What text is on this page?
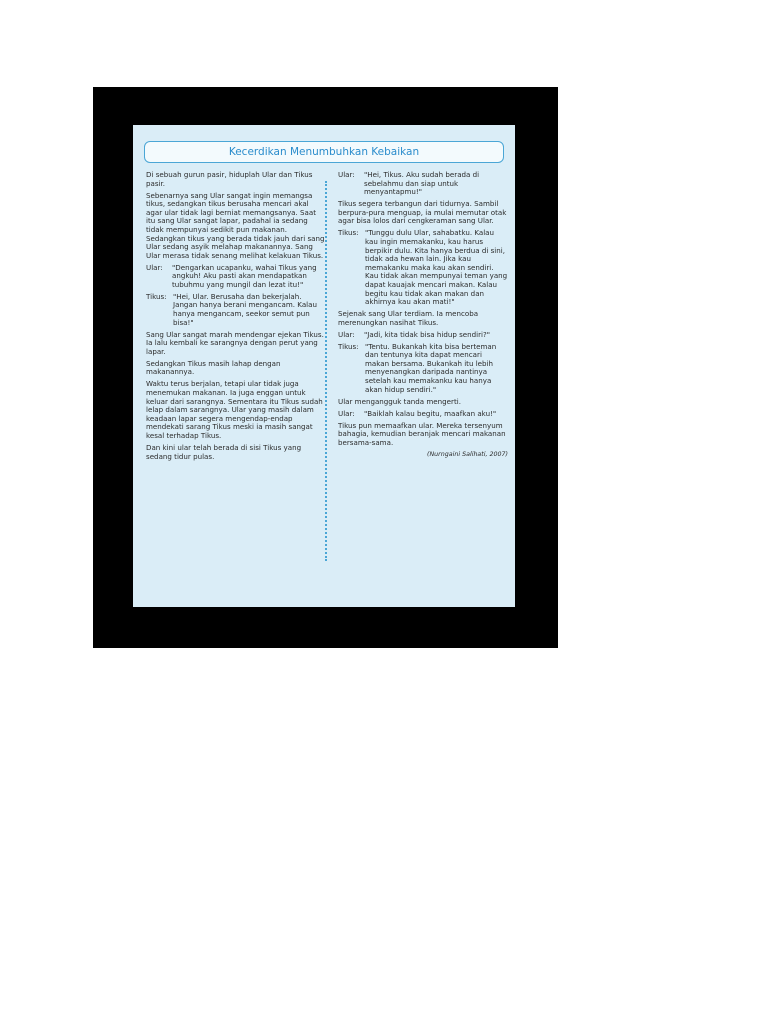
Kecerdikan Menumbuhkan Kebaikan

Di sebuah gurun pasir, hiduplah Ular dan Tikus pasir.

Sebenarnya sang Ular sangat ingin memangsa tikus, sedangkan tikus berusaha mencari akal agar ular tidak lagi berniat memangsanya. Saat itu sang Ular sangat lapar, padahal ia sedang tidak mempunyai sedikit pun makanan. Sedangkan tikus yang berada tidak jauh dari sang Ular sedang asyik melahap makanannya. Sang Ular merasa tidak senang melihat kelakuan Tikus.

Ular:	"Dengarkan ucapanku, wahai Tikus yang angkuh! Aku pasti akan mendapatkan tubuhmu yang mungil dan lezat itu!"
Tikus: "Hei, Ular. Berusaha dan bekerjalah. Jangan hanya berani mengancam. Kalau hanya mengancam, seekor semut pun bisa!"

Sang Ular sangat marah mendengar ejekan Tikus. Ia lalu kembali ke sarangnya dengan perut yang lapar.

Sedangkan Tikus masih lahap dengan makanannya.

Waktu terus berjalan, tetapi ular tidak juga menemukan makanan. Ia juga enggan untuk keluar dari sarangnya. Sementara itu Tikus sudah lelap dalam sarangnya. Ular yang masih dalam keadaan lapar segera mengendap-endap mendekati sarang Tikus meski ia masih sangat kesal terhadap Tikus.

Dan kini ular telah berada di sisi Tikus yang sedang tidur pulas.

Ular:	"Hei, Tikus. Aku sudah berada di sebelahmu dan siap untuk menyantapmu!"

Tikus segera terbangun dari tidurnya. Sambil berpura-pura menguap, ia mulai memutar otak agar bisa lolos dari cengkeraman sang Ular.

Tikus: "Tunggu dulu Ular, sahabatku. Kalau kau ingin memakanku, kau harus berpikir dulu. Kita hanya berdua di sini, tidak ada hewan lain. Jika kau memakanku maka kau akan sendiri. Kau tidak akan mempunyai teman yang dapat kauajak mencari makan. Kalau begitu kau tidak akan makan dan akhirnya kau akan mati!"

Sejenak sang Ular terdiam. Ia mencoba merenungkan nasihat Tikus.

Ular:	"Jadi, kita tidak bisa hidup sendiri?"
Tikus: "Tentu. Bukankah kita bisa berteman dan tentunya kita dapat mencari makan bersama. Bukankah itu lebih menyenangkan daripada nantinya setelah kau memakanku kau hanya akan hidup sendiri."

Ular mengangguk tanda mengerti.

Ular:	"Baiklah kalau begitu, maafkan aku!"

Tikus pun memaafkan ular. Mereka tersenyum bahagia, kemudian beranjak mencari makanan bersama-sama.

(Nurngaini Salihati, 2007)
